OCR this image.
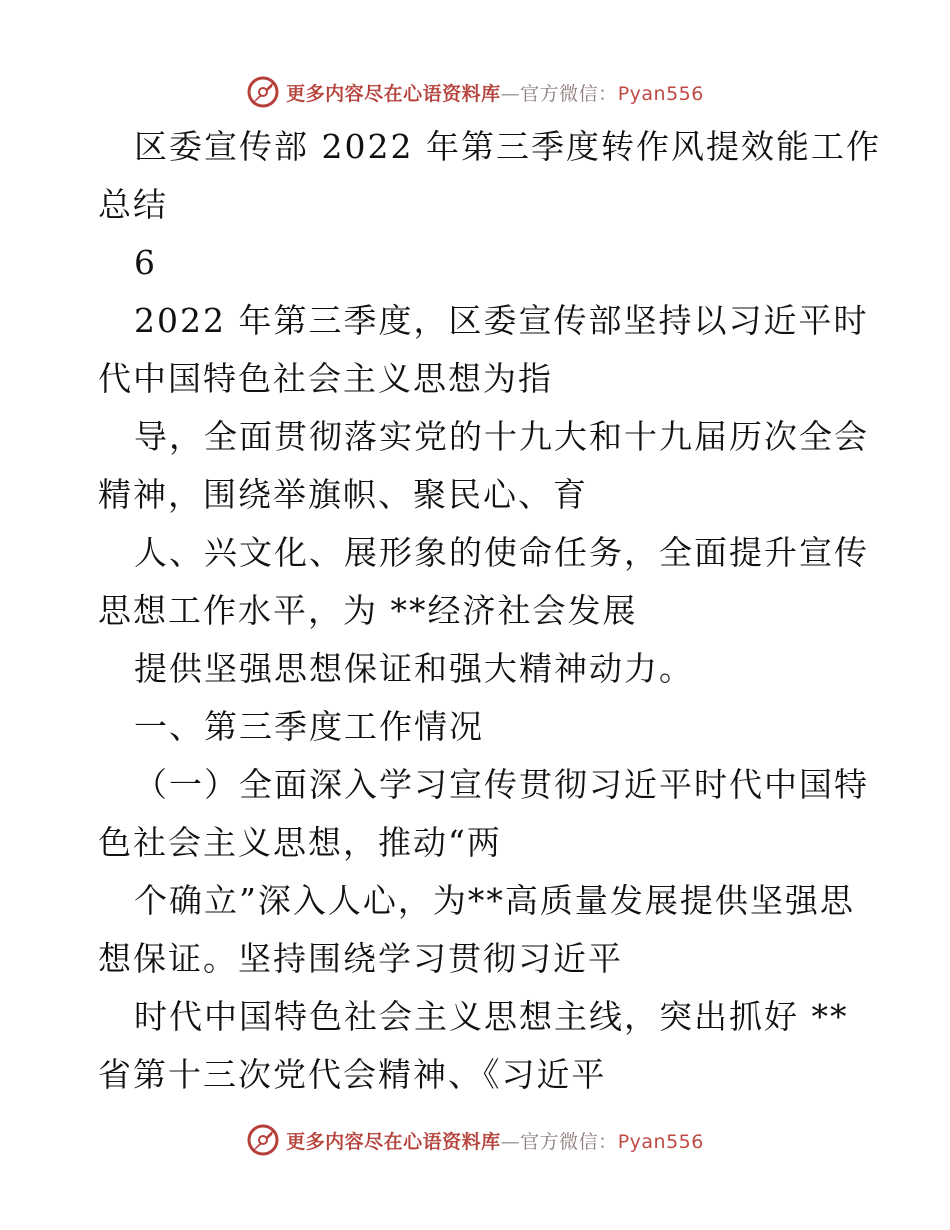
更多内容尽在心语资料库—官方微信：Pyan556
区委宣传部 2022 年第三季度转作风提效能工作
总结
6
2022 年第三季度，区委宣传部坚持以习近平时
代中国特色社会主义思想为指
导，全面贯彻落实党的十九大和十九届历次全会
精神，围绕举旗帜、聚民心、育
人、兴文化、展形象的使命任务，全面提升宣传
思想工作水平，为 **经济社会发展
提供坚强思想保证和强大精神动力。
一、第三季度工作情况
（一）全面深入学习宣传贯彻习近平时代中国特
色社会主义思想，推动“两
个确立”深入人心，为**高质量发展提供坚强思
想保证。坚持围绕学习贯彻习近平
时代中国特色社会主义思想主线，突出抓好 **
省第十三次党代会精神、《习近平
更多内容尽在心语资料库—官方微信：Pyan556
